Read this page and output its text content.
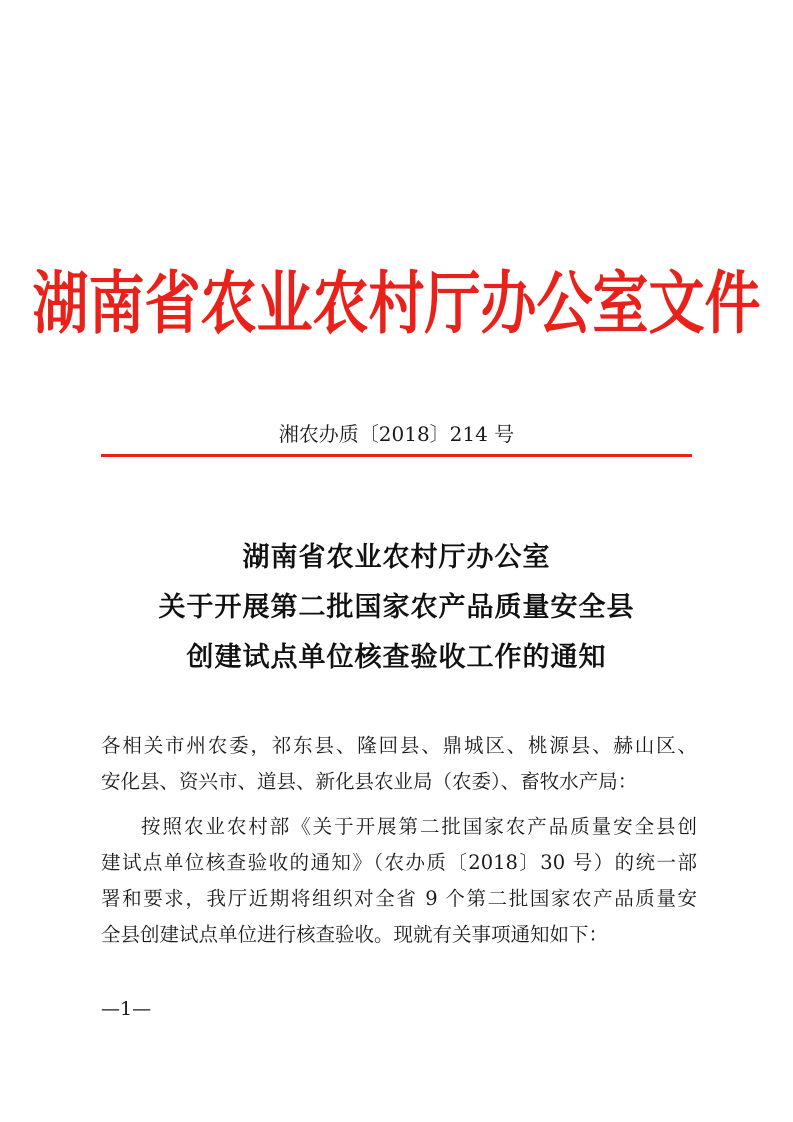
湖南省农业农村厅办公室文件
湘农办质〔2018〕214 号
湖南省农业农村厅办公室
关于开展第二批国家农产品质量安全县
创建试点单位核查验收工作的通知
各相关市州农委，祁东县、隆回县、鼎城区、桃源县、赫山区、
安化县、资兴市、道县、新化县农业局（农委）、畜牧水产局：
按照农业农村部《关于开展第二批国家农产品质量安全县创
建试点单位核查验收的通知》（农办质〔2018〕30 号）的统一部
署和要求，我厅近期将组织对全省 9 个第二批国家农产品质量安
全县创建试点单位进行核查验收。现就有关事项通知如下：
—1—
